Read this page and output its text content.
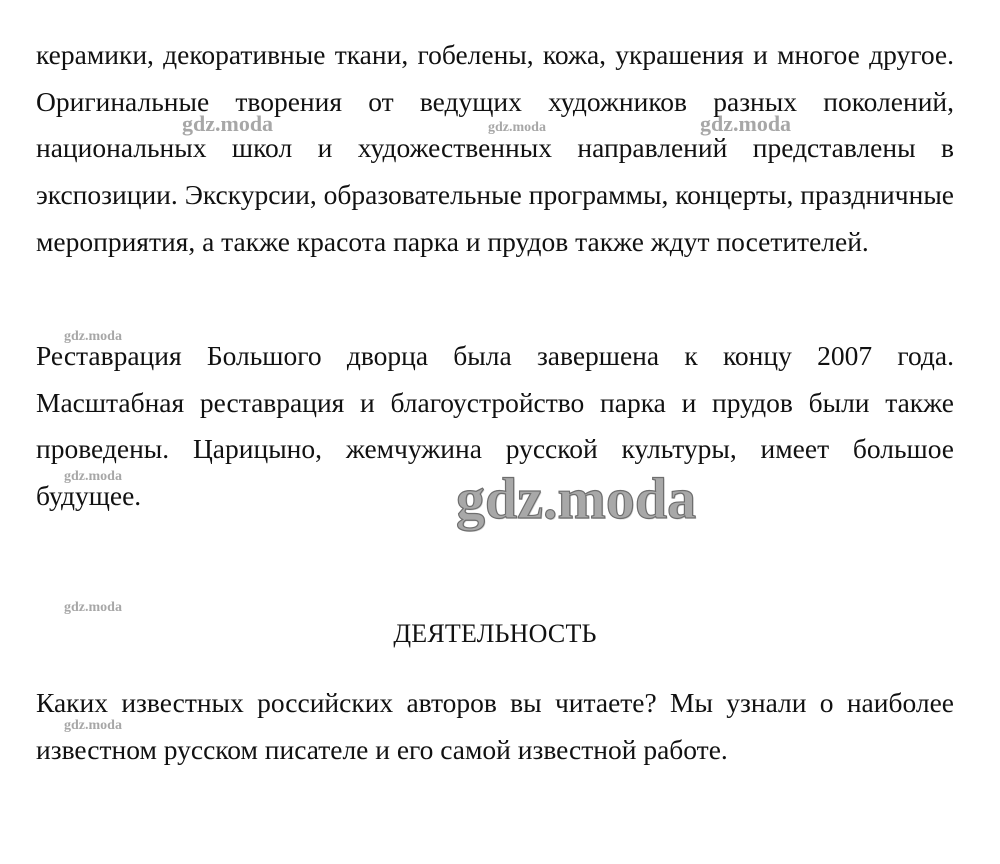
керамики, декоративные ткани, гобелены, кожа, украшения и многое другое. Оригинальные творения от ведущих художников разных поколений, национальных школ и художественных направлений представлены в экспозиции. Экскурсии, образовательные программы, концерты, праздничные мероприятия, а также красота парка и прудов также ждут посетителей.

Реставрация Большого дворца была завершена к концу 2007 года. Масштабная реставрация и благоустройство парка и прудов были также проведены. Царицыно, жемчужина русской культуры, имеет большое будущее.

ДЕЯТЕЛЬНОСТЬ

Каких известных российских авторов вы читаете? Мы узнали о наиболее известном русском писателе и его самой известной работе.

gdz.moda	gdz.moda	gdz.moda
gdz.moda
gdz.moda	gdz.moda
gdz.moda
gdz.moda
